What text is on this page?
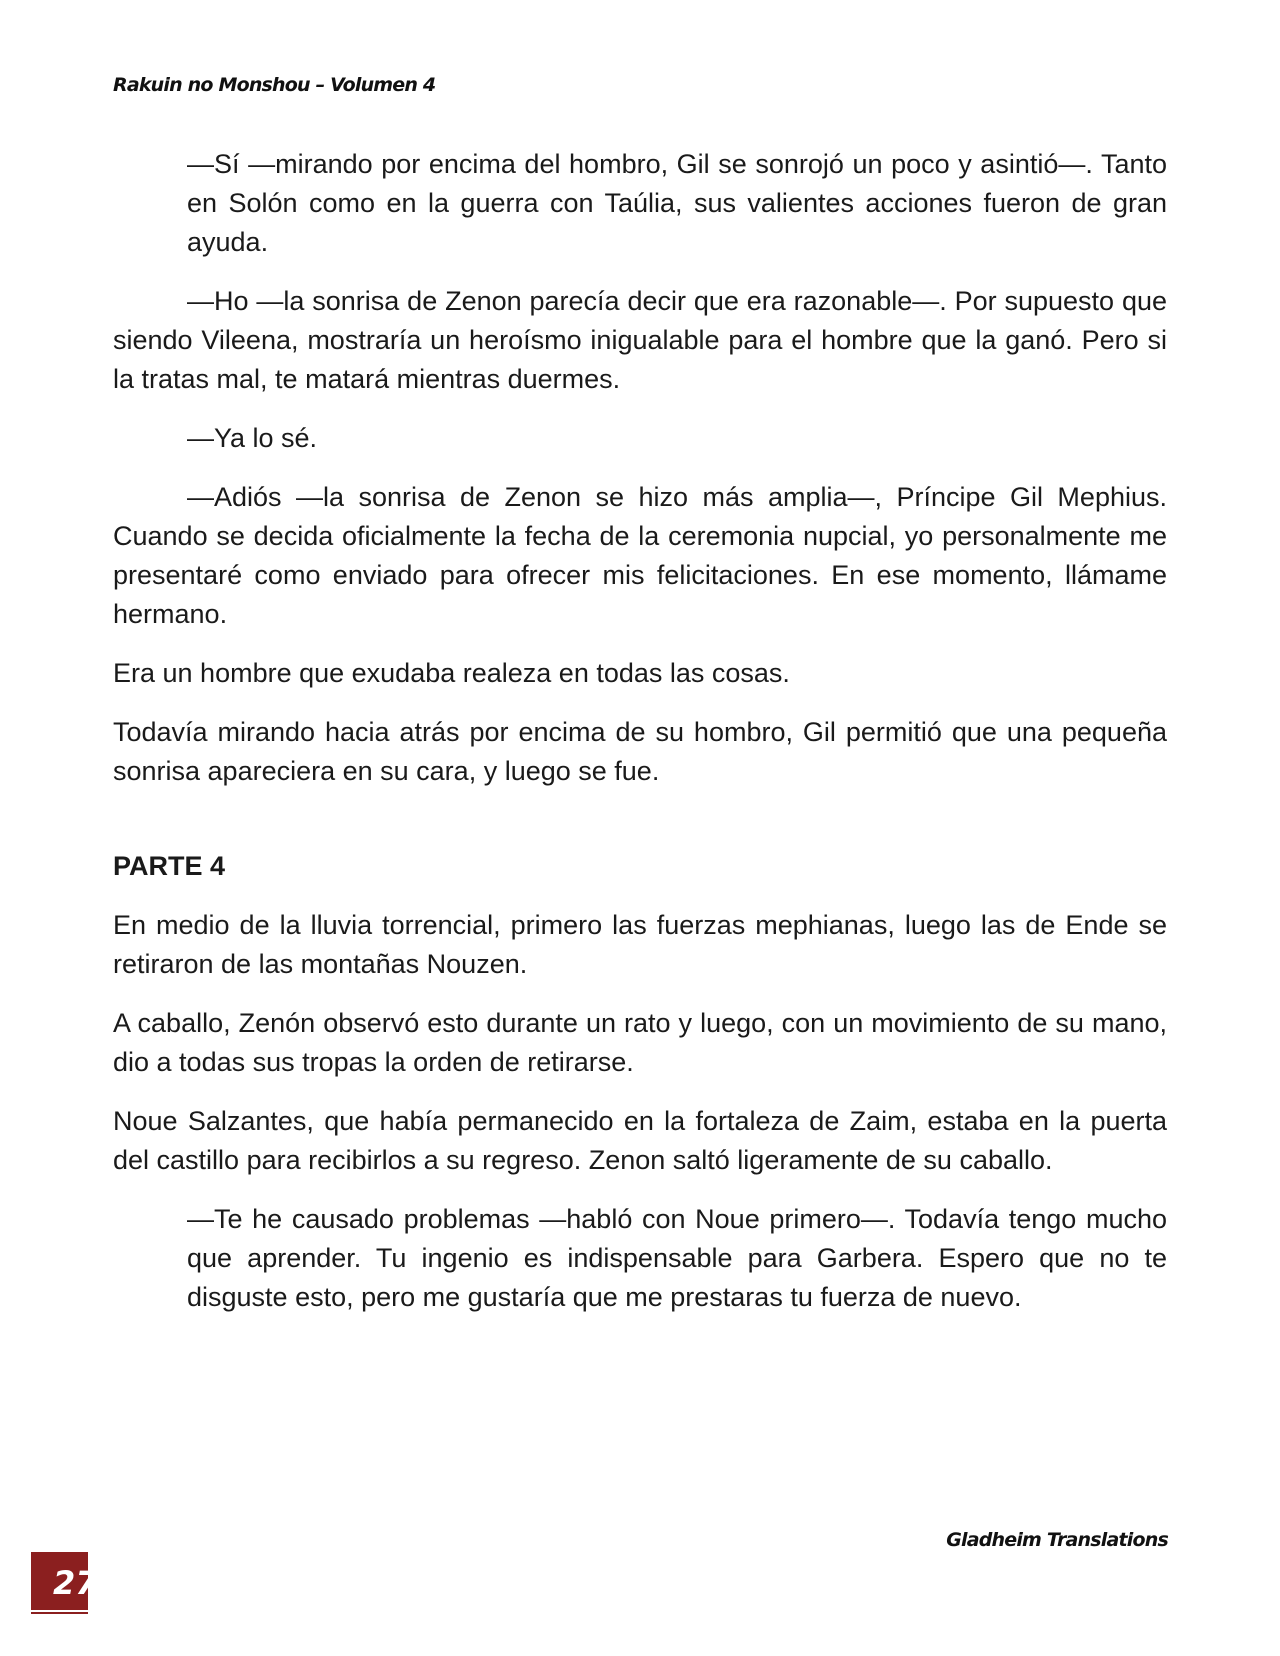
Rakuin no Monshou – Volumen 4

—Sí —mirando por encima del hombro, Gil se sonrojó un poco y asintió—. Tanto en Solón como en la guerra con Taúlia, sus valientes acciones fueron de gran ayuda.

—Ho —la sonrisa de Zenon parecía decir que era razonable—. Por supuesto que siendo Vileena, mostraría un heroísmo inigualable para el hombre que la ganó. Pero si la tratas mal, te matará mientras duermes.

—Ya lo sé.

—Adiós —la sonrisa de Zenon se hizo más amplia—, Príncipe Gil Mephius. Cuando se decida oficialmente la fecha de la ceremonia nupcial, yo personalmente me presentaré como enviado para ofrecer mis felicitaciones. En ese momento, llámame hermano.

Era un hombre que exudaba realeza en todas las cosas.

Todavía mirando hacia atrás por encima de su hombro, Gil permitió que una pequeña sonrisa apareciera en su cara, y luego se fue.

PARTE 4

En medio de la lluvia torrencial, primero las fuerzas mephianas, luego las de Ende se retiraron de las montañas Nouzen.

A caballo, Zenón observó esto durante un rato y luego, con un movimiento de su mano, dio a todas sus tropas la orden de retirarse.

Noue Salzantes, que había permanecido en la fortaleza de Zaim, estaba en la puerta del castillo para recibirlos a su regreso. Zenon saltó ligeramente de su caballo.

—Te he causado problemas —habló con Noue primero—. Todavía tengo mucho que aprender. Tu ingenio es indispensable para Garbera. Espero que no te disguste esto, pero me gustaría que me prestaras tu fuerza de nuevo.

Gladheim Translations
27
